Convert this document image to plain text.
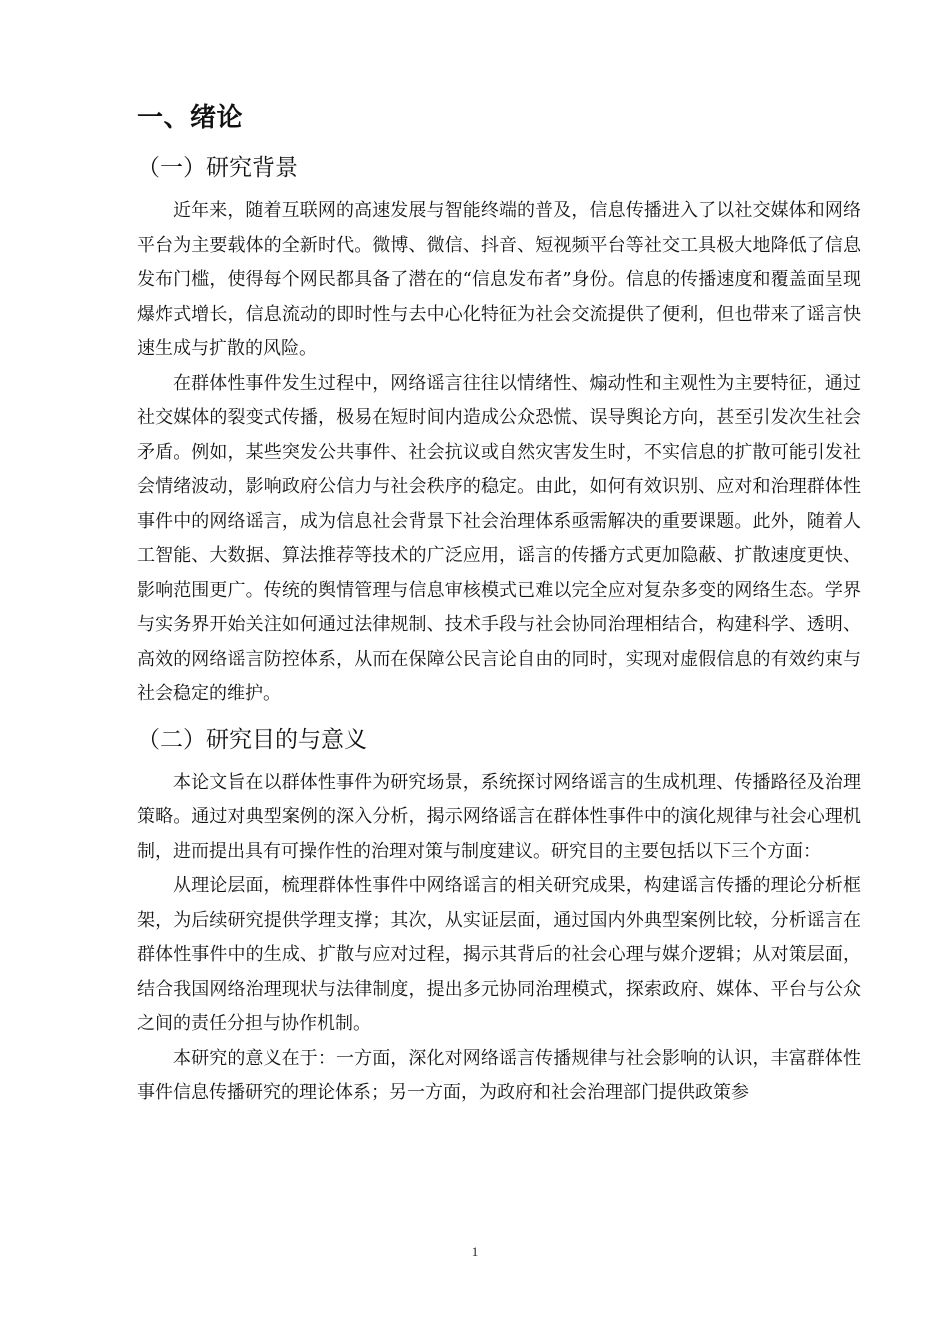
一、绪论
（一）研究背景

近年来，随着互联网的高速发展与智能终端的普及，信息传播进入了以社交媒体和网络平台为主要载体的全新时代。微博、微信、抖音、短视频平台等社交工具极大地降低了信息发布门槛，使得每个网民都具备了潜在的“信息发布者”身份。信息的传播速度和覆盖面呈现爆炸式增长，信息流动的即时性与去中心化特征为社会交流提供了便利，但也带来了谣言快速生成与扩散的风险。

在群体性事件发生过程中，网络谣言往往以情绪性、煽动性和主观性为主要特征，通过社交媒体的裂变式传播，极易在短时间内造成公众恐慌、误导舆论方向，甚至引发次生社会矛盾。例如，某些突发公共事件、社会抗议或自然灾害发生时，不实信息的扩散可能引发社会情绪波动，影响政府公信力与社会秩序的稳定。由此，如何有效识别、应对和治理群体性事件中的网络谣言，成为信息社会背景下社会治理体系亟需解决的重要课题。此外，随着人工智能、大数据、算法推荐等技术的广泛应用，谣言的传播方式更加隐蔽、扩散速度更快、影响范围更广。传统的舆情管理与信息审核模式已难以完全应对复杂多变的网络生态。学界与实务界开始关注如何通过法律规制、技术手段与社会协同治理相结合，构建科学、透明、高效的网络谣言防控体系，从而在保障公民言论自由的同时，实现对虚假信息的有效约束与社会稳定的维护。

（二）研究目的与意义

本论文旨在以群体性事件为研究场景，系统探讨网络谣言的生成机理、传播路径及治理策略。通过对典型案例的深入分析，揭示网络谣言在群体性事件中的演化规律与社会心理机制，进而提出具有可操作性的治理对策与制度建议。研究目的主要包括以下三个方面：

从理论层面，梳理群体性事件中网络谣言的相关研究成果，构建谣言传播的理论分析框架，为后续研究提供学理支撑；其次，从实证层面，通过国内外典型案例比较，分析谣言在群体性事件中的生成、扩散与应对过程，揭示其背后的社会心理与媒介逻辑；从对策层面，结合我国网络治理现状与法律制度，提出多元协同治理模式，探索政府、媒体、平台与公众之间的责任分担与协作机制。

本研究的意义在于：一方面，深化对网络谣言传播规律与社会影响的认识，丰富群体性事件信息传播研究的理论体系；另一方面，为政府和社会治理部门提供政策参

1
